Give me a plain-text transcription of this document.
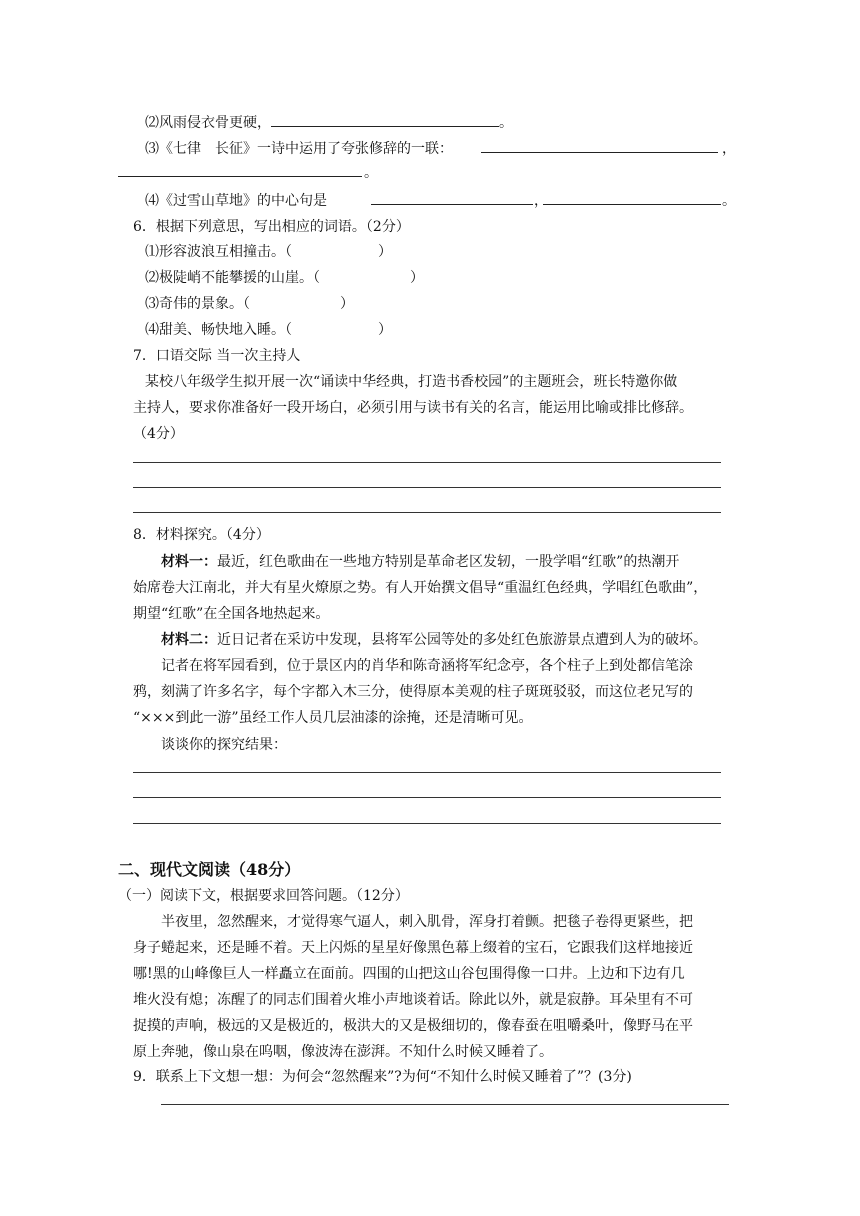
⑵风雨侵衣骨更硬，	。
⑶《七律　长征》一诗中运用了夸张修辞的一联：	，
。
⑷《过雪山草地》的中心句是	，	。
6．根据下列意思，写出相应的词语。（2分）
⑴形容波浪互相撞击。（	）
⑵极陡峭不能攀援的山崖。（	）
⑶奇伟的景象。（	）
⑷甜美、畅快地入睡。（	）
7．口语交际 当一次主持人
某校八年级学生拟开展一次“诵读中华经典，打造书香校园”的主题班会，班长特邀你做
主持人，要求你准备好一段开场白，必须引用与读书有关的名言，能运用比喻或排比修辞。
（4分）
8．材料探究。（4分）
材料一：最近，红色歌曲在一些地方特别是革命老区发轫，一股学唱“红歌”的热潮开
始席卷大江南北，并大有星火燎原之势。有人开始撰文倡导“重温红色经典，学唱红色歌曲”，
期望“红歌”在全国各地热起来。
材料二：近日记者在采访中发现，县将军公园等处的多处红色旅游景点遭到人为的破坏。
记者在将军园看到，位于景区内的肖华和陈奇涵将军纪念亭，各个柱子上到处都信笔涂
鸦，刻满了许多名字，每个字都入木三分，使得原本美观的柱子斑斑驳驳，而这位老兄写的
“×××到此一游”虽经工作人员几层油漆的涂掩，还是清晰可见。
谈谈你的探究结果：
二、现代文阅读（48分）
（一）阅读下文，根据要求回答问题。（12分）
半夜里，忽然醒来，才觉得寒气逼人，刺入肌骨，浑身打着颤。把毯子卷得更紧些，把
身子蜷起来，还是睡不着。天上闪烁的星星好像黑色幕上缀着的宝石，它跟我们这样地接近
哪!黑的山峰像巨人一样矗立在面前。四围的山把这山谷包围得像一口井。上边和下边有几
堆火没有熄；冻醒了的同志们围着火堆小声地谈着话。除此以外，就是寂静。耳朵里有不可
捉摸的声响，极远的又是极近的，极洪大的又是极细切的，像春蚕在咀嚼桑叶，像野马在平
原上奔驰，像山泉在呜咽，像波涛在澎湃。不知什么时候又睡着了。
9．联系上下文想一想：为何会“忽然醒来”?为何“不知什么时候又睡着了”？(3分)
